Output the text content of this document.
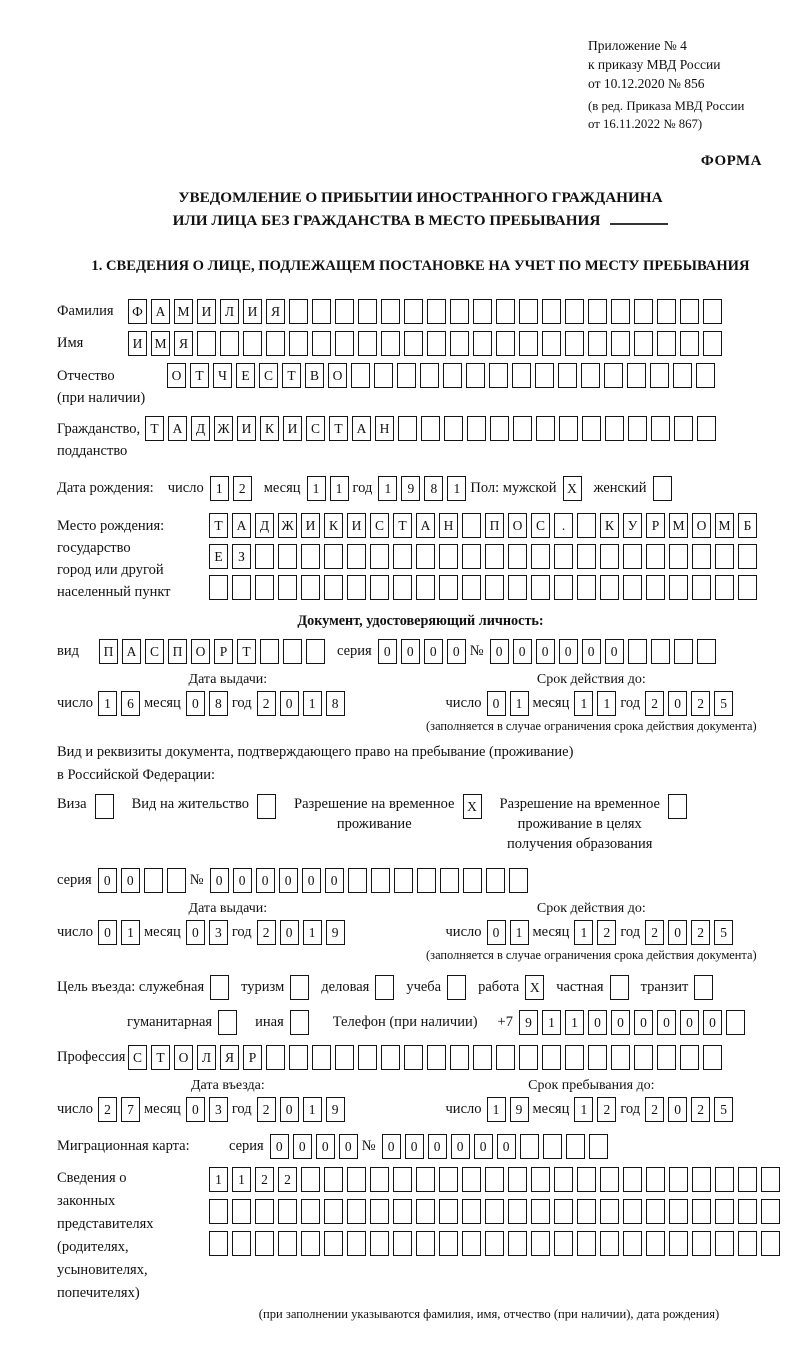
Приложение № 4
к приказу МВД России
от 10.12.2020 № 856
(в ред. Приказа МВД России
от 16.11.2022 № 867)
ФОРМА
УВЕДОМЛЕНИЕ О ПРИБЫТИИ ИНОСТРАННОГО ГРАЖДАНИНА
ИЛИ ЛИЦА БЕЗ ГРАЖДАНСТВА В МЕСТО ПРЕБЫВАНИЯ
1. СВЕДЕНИЯ О ЛИЦЕ, ПОДЛЕЖАЩЕМ ПОСТАНОВКЕ НА УЧЕТ ПО МЕСТУ ПРЕБЫВАНИЯ
Фамилия	Ф А М И	Л	И	Я
Имя	И М Я
Отчество
(при наличии)
О	Т	Ч	Е	С	Т	В	О
Гражданство,
подданство
Т	А	Д Ж И	К	И	С	Т	А Н
Дата рождения: число 1	2	месяц 1	1 год 1	9	8	1 Пол: мужской X	женский
Место рождения:
государство
город или другой
населенный пункт
Т	А	Д Ж И	К	И	С	Т	А Н	П О	С	.	К	У	Р М О М Б
Е	З
Документ, удостоверяющий личность:
вид	П А	С	П О	Р	Т	серия 0	0	0	0 № 0	0	0	0	0	0
Дата выдачи:
число 1	6 месяц 0	8 год 2	0	1	8
Срок действия до:
число 0	1 месяц 1	1 год 2	0	2	5
(заполняется в случае ограничения срока действия документа)
Вид и реквизиты документа, подтверждающего право на пребывание (проживание)
в Российской Федерации:
Виза	Вид на жительство	Разрешение на временное
проживание
X	Разрешение на временное
проживание в целях
получения образования
серия 0	0	№ 0	0	0	0	0	0
Дата выдачи:
число 0	1 месяц 0	3 год 2	0	1	9
Срок действия до:
число 0	1 месяц 1	2 год 2	0	2	5
(заполняется в случае ограничения срока действия документа)
Цель въезда: служебная	туризм	деловая	учеба	работа X	частная	транзит
гуманитарная	иная	Телефон (при наличии) +7 9	1	1	0	0	0	0	0	0
Профессия С	Т	О	Л	Я	Р
Дата въезда:
число 2	7 месяц 0	3 год 2	0	1	9
Срок пребывания до:
число 1	9 месяц 1	2 год 2	0	2	5
Миграционная карта:	серия 0	0	0	0 № 0	0	0	0	0	0
Сведения о
законных
представителях
(родителях,
усыновителях,
попечителях)
1	1	2	2
(при заполнении указываются фамилия, имя, отчество (при наличии), дата рождения)
